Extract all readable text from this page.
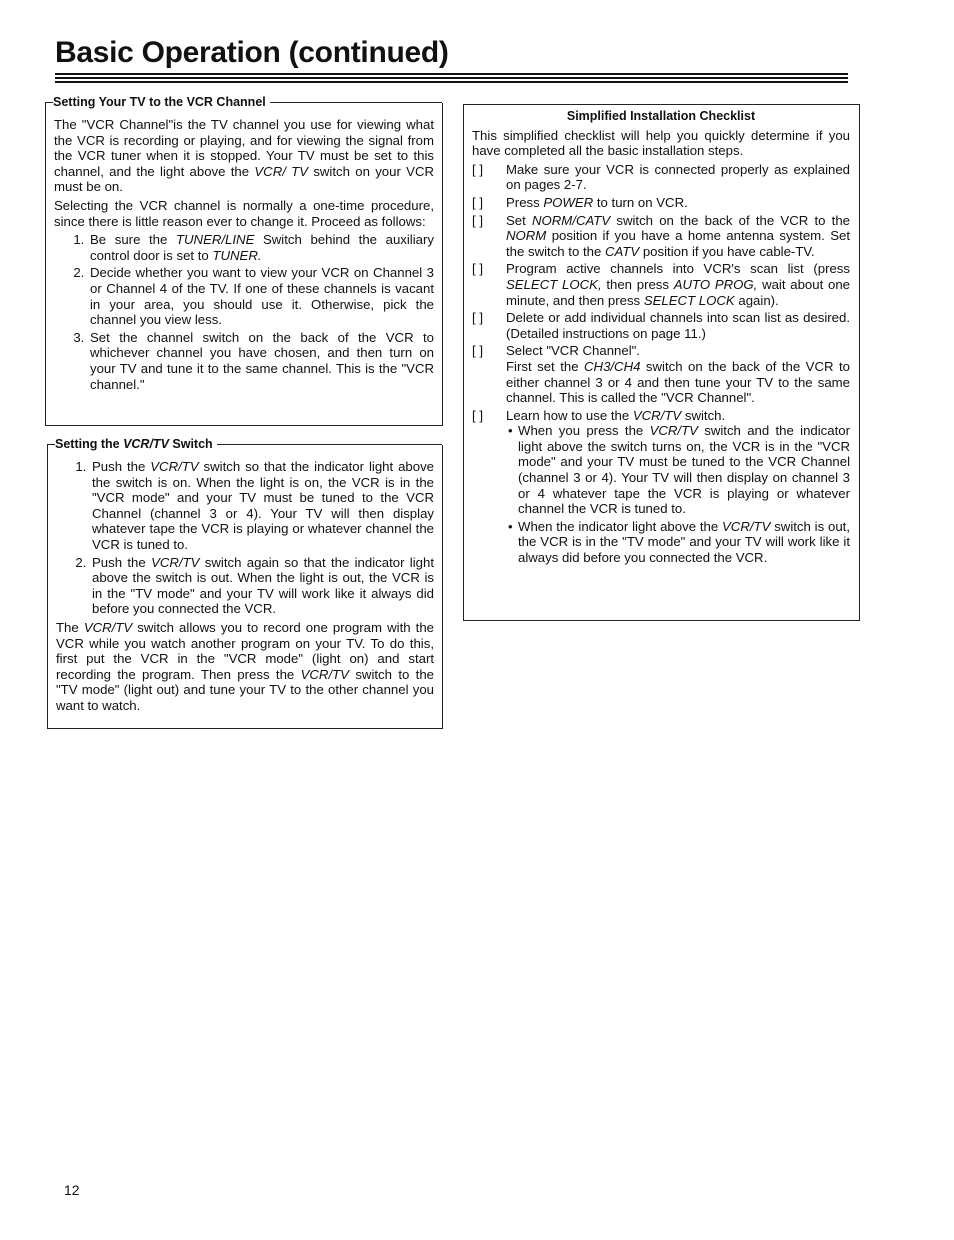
Basic Operation (continued)
Setting Your TV to the VCR Channel

The "VCR Channel"is the TV channel you use for viewing what the VCR is recording or playing, and for viewing the signal from the VCR tuner when it is stopped. Your TV must be set to this channel, and the light above the VCR/ TV switch on your VCR must be on.

Selecting the VCR channel is normally a one-time procedure, since there is little reason ever to change it. Proceed as follows:

1. Be sure the TUNER/LINE Switch behind the auxiliary control door is set to TUNER.
2. Decide whether you want to view your VCR on Channel 3 or Channel 4 of the TV. If one of these channels is vacant in your area, you should use it. Otherwise, pick the channel you view less.
3. Set the channel switch on the back of the VCR to whichever channel you have chosen, and then turn on your TV and tune it to the same channel. This is the "VCR channel."
Setting the VCR/TV Switch
1. Push the VCR/TV switch so that the indicator light above the switch is on. When the light is on, the VCR is in the "VCR mode" and your TV must be tuned to the VCR Channel (channel 3 or 4). Your TV will then display whatever tape the VCR is playing or whatever channel the VCR is tuned to.
2. Push the VCR/TV switch again so that the indicator light above the switch is out. When the light is out, the VCR is in the "TV mode" and your TV will work like it always did before you connected the VCR.

The VCR/TV switch allows you to record one program with the VCR while you watch another program on your TV. To do this, first put the VCR in the "VCR mode" (light on) and start recording the program. Then press the VCR/TV switch to the "TV mode" (light out) and tune your TV to the other channel you want to watch.

Simplified Installation Checklist

This simplified checklist will help you quickly determine if you have completed all the basic installation steps.

[ ]	Make sure your VCR is connected properly as explained on pages 2-7.
[ ]	Press POWER to turn on VCR.
[ ]	Set NORM/CATV switch on the back of the VCR to the NORM position if you have a home antenna system. Set the switch to the CATV position if you have cable-TV.
[ ]	Program active channels into VCR's scan list (press SELECT LOCK, then press AUTO PROG, wait about one minute, and then press SELECT LOCK again).
[ ]	Delete or add individual channels into scan list as desired. (Detailed instructions on page 11.)
[ ]	Select "VCR Channel".
First set the CH3/CH4 switch on the back of the VCR to either channel 3 or 4 and then tune your TV to the same channel. This is called the "VCR Channel".
[ ]	Learn how to use the VCR/TV switch.
• When you press the VCR/TV switch and the indicator light above the switch turns on, the VCR is in the "VCR mode" and your TV must be tuned to the VCR Channel (channel 3 or 4). Your TV will then display on channel 3 or 4 whatever tape the VCR is playing or whatever channel the VCR is tuned to.
• When the indicator light above the VCR/TV switch is out, the VCR is in the "TV mode" and your TV will work like it always did before you connected the VCR.
12
